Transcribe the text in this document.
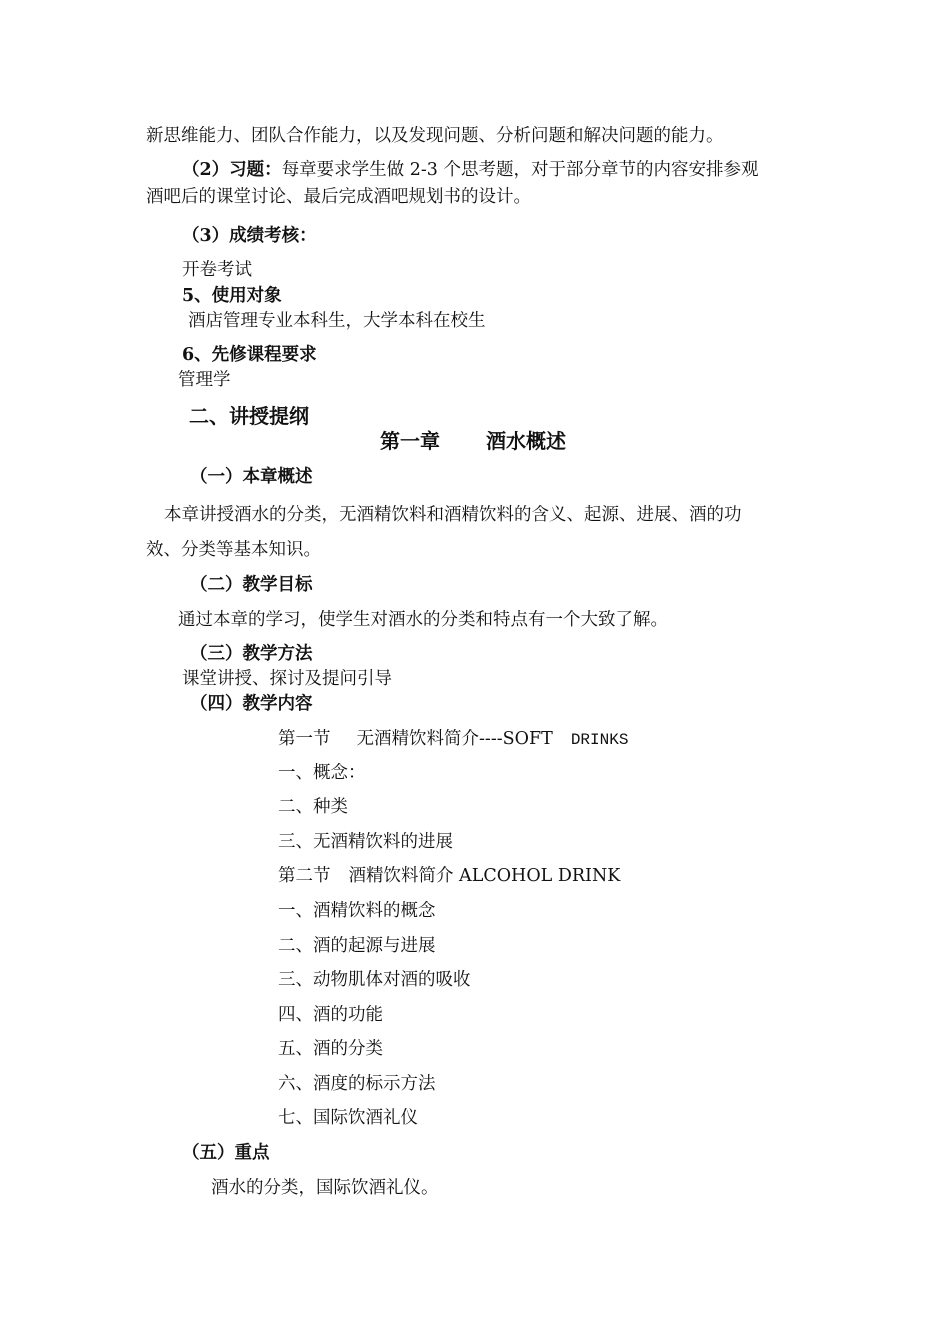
新思维能力、团队合作能力，以及发现问题、分析问题和解决问题的能力。
（2）习题：每章要求学生做 2-3 个思考题，对于部分章节的内容安排参观
酒吧后的课堂讨论、最后完成酒吧规划书的设计。
（3）成绩考核：
开卷考试
5、使用对象
酒店管理专业本科生，大学本科在校生
6、先修课程要求
管理学
二、讲授提纲
第一章 酒水概述
（一）本章概述
本章讲授酒水的分类，无酒精饮料和酒精饮料的含义、起源、进展、酒的功
效、分类等基本知识。
（二）教学目标
通过本章的学习，使学生对酒水的分类和特点有一个大致了解。
（三）教学方法
课堂讲授、探讨及提问引导
（四）教学内容
第一节 无酒精饮料简介----SOFT DRINKS
一、概念：
二、种类
三、无酒精饮料的进展
第二节 酒精饮料简介 ALCOHOL DRINK
一、酒精饮料的概念
二、酒的起源与进展
三、动物肌体对酒的吸收
四、酒的功能
五、酒的分类
六、酒度的标示方法
七、国际饮酒礼仪
（五）重点
酒水的分类，国际饮酒礼仪。
